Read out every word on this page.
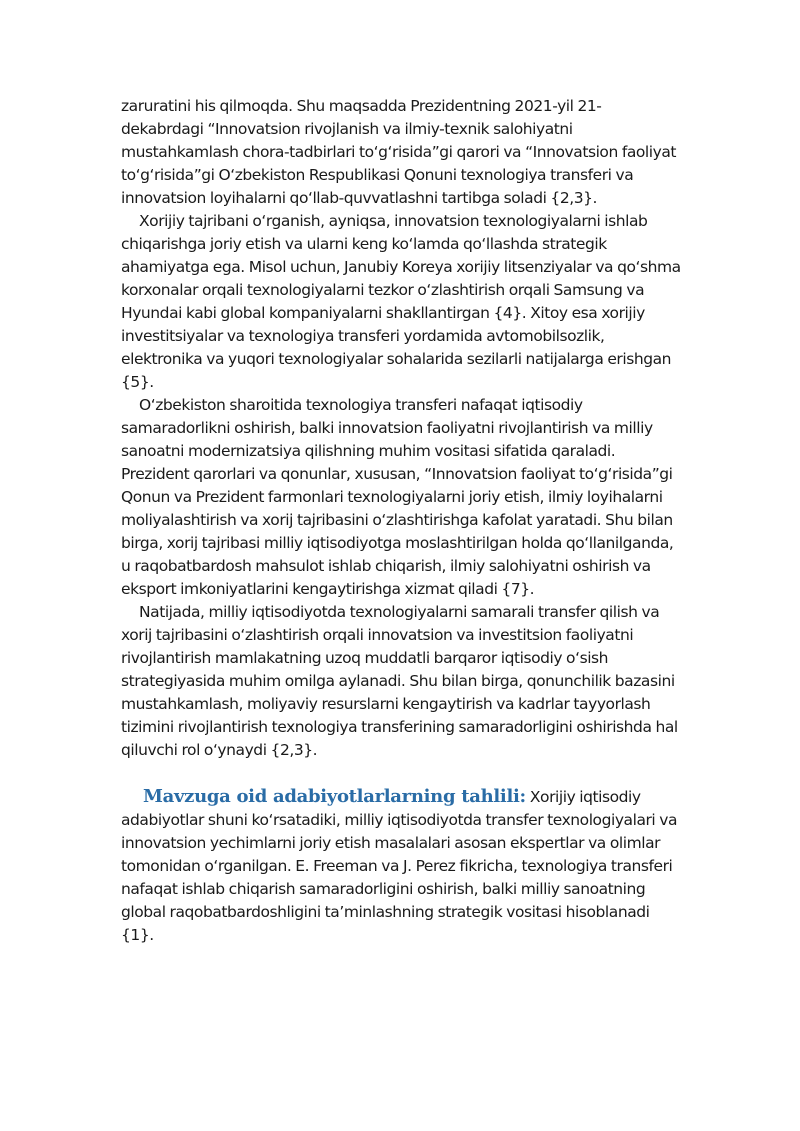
zaruratini his qilmoqda. Shu maqsadda Prezidentning 2021-yil 21-dekabrdagi “Innovatsion rivojlanish va ilmiy-texnik salohiyatni mustahkamlash chora-tadbirlari to‘g‘risida”gi qarori va “Innovatsion faoliyat to‘g‘risida”gi O‘zbekiston Respublikasi Qonuni texnologiya transferi va innovatsion loyihalarni qo‘llab-quvvatlashni tartibga soladi {2,3}.

Xorijiy tajribani o‘rganish, ayniqsa, innovatsion texnologiyalarni ishlab chiqarishga joriy etish va ularni keng ko‘lamda qo‘llashda strategik ahamiyatga ega. Misol uchun, Janubiy Koreya xorijiy litsenziyalar va qo‘shma korxonalar orqali texnologiyalarni tezkor o‘zlashtirish orqali Samsung va Hyundai kabi global kompaniyalarni shakllantirgan {4}. Xitoy esa xorijiy investitsiyalar va texnologiya transferi yordamida avtomobilsozlik, elektronika va yuqori texnologiyalar sohalarida sezilarli natijalarga erishgan {5}.

O‘zbekiston sharoitida texnologiya transferi nafaqat iqtisodiy samaradorlikni oshirish, balki innovatsion faoliyatni rivojlantirish va milliy sanoatni modernizatsiya qilishning muhim vositasi sifatida qaraladi. Prezident qarorlari va qonunlar, xususan, “Innovatsion faoliyat to‘g‘risida”gi Qonun va Prezident farmonlari texnologiyalarni joriy etish, ilmiy loyihalarni moliyalashtirish va xorij tajribasini o‘zlashtirishga kafolat yaratadi. Shu bilan birga, xorij tajribasi milliy iqtisodiyotga moslashtirilgan holda qo‘llanilganda, u raqobatbardosh mahsulot ishlab chiqarish, ilmiy salohiyatni oshirish va eksport imkoniyatlarini kengaytirishga xizmat qiladi {7}.

Natijada, milliy iqtisodiyotda texnologiyalarni samarali transfer qilish va xorij tajribasini o‘zlashtirish orqali innovatsion va investitsion faoliyatni rivojlantirish mamlakatning uzoq muddatli barqaror iqtisodiy o‘sish strategiyasida muhim omilga aylanadi. Shu bilan birga, qonunchilik bazasini mustahkamlash, moliyaviy resurslarni kengaytirish va kadrlar tayyorlash tizimini rivojlantirish texnologiya transferining samaradorligini oshirishda hal qiluvchi rol o‘ynaydi {2,3}.

Mavzuga oid adabiyotlarlarning tahlili: Xorijiy iqtisodiy adabiyotlar shuni ko‘rsatadiki, milliy iqtisodiyotda transfer texnologiyalari va innovatsion yechimlarni joriy etish masalalari asosan ekspertlar va olimlar tomonidan o‘rganilgan. E. Freeman va J. Perez fikricha, texnologiya transferi nafaqat ishlab chiqarish samaradorligini oshirish, balki milliy sanoatning global raqobatbardoshligini ta’minlashning strategik vositasi hisoblanadi {1}.
